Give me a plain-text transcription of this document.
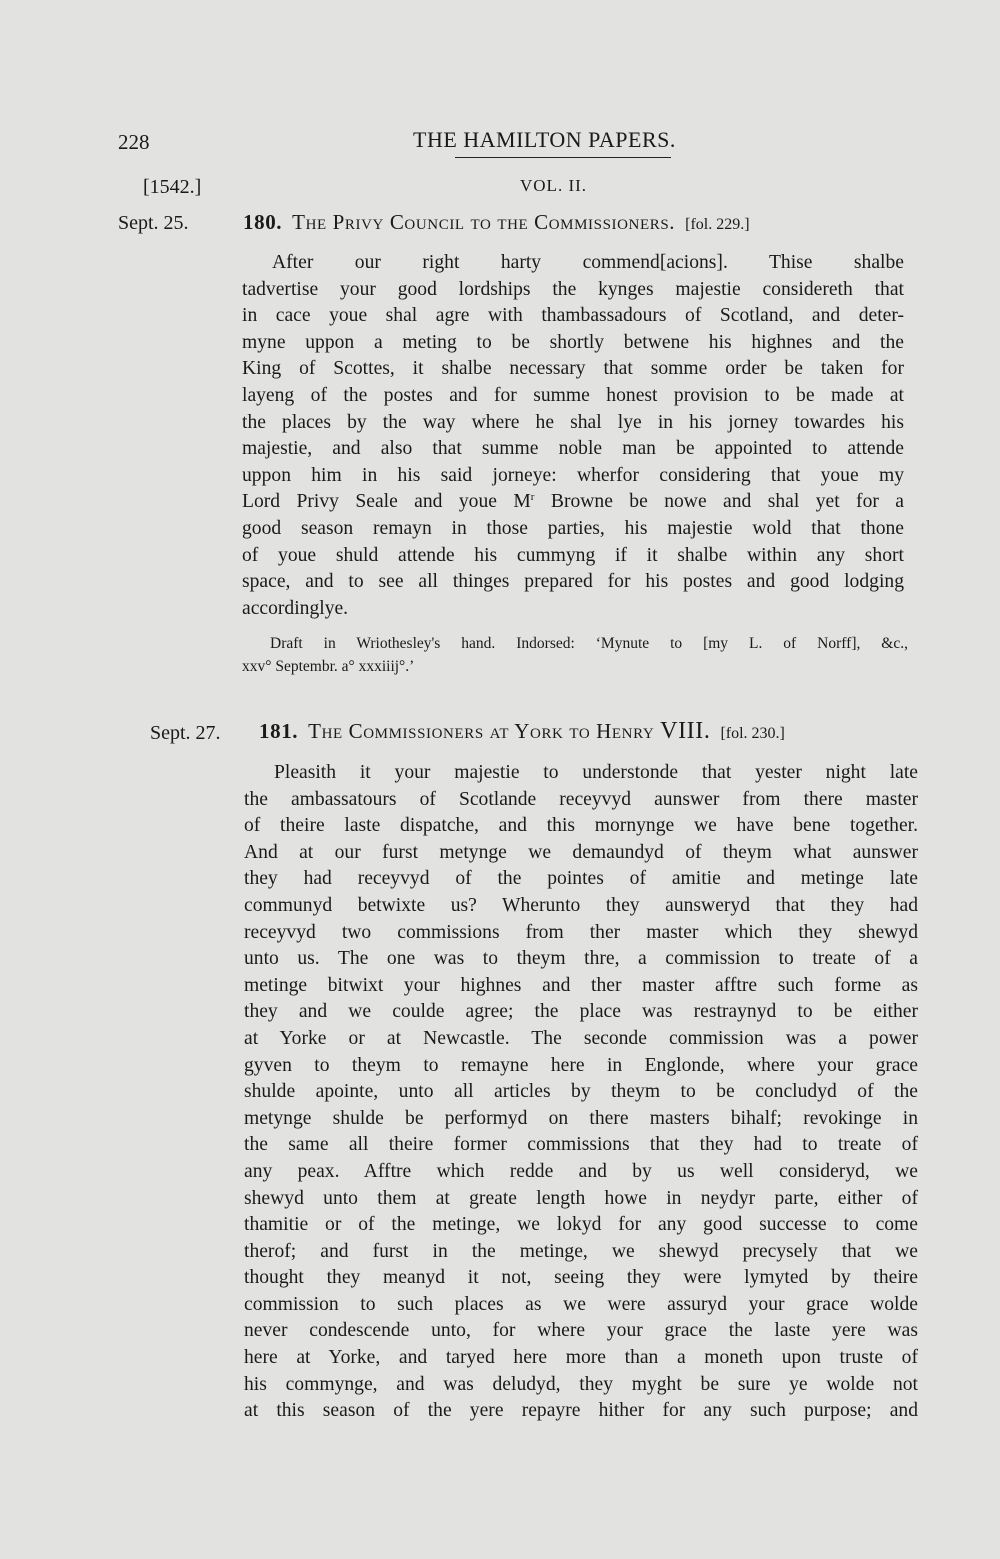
228	THE HAMILTON PAPERS.
[1542.]	VOL. II.
Sept. 25.	180. The Privy Council to the Commissioners. [fol. 229.]
After our right harty commend[acions]. Thise shalbe
tadvertise your good lordships the kynges majestie considereth that
in cace youe shal agre with thambassadours of Scotland, and deter-
myne uppon a meting to be shortly betwene his highnes and the
King of Scottes, it shalbe necessary that somme order be taken for
layeng of the postes and for summe honest provision to be made at
the places by the way where he shal lye in his jorney towardes his
majestie, and also that summe noble man be appointed to attende
uppon him in his said jorneye: wherfor considering that youe my
Lord Privy Seale and youe $M^r$ Browne be nowe and shal yet for a
good season remayn in those parties, his majestie wold that thone
of youe shuld attende his cummyng if it shalbe within any short
space, and to see all thinges prepared for his postes and good lodging
accordinglye.
Draft in Wriothesley's hand. Indorsed: ‘Mynute to [my L. of Norff], &c.,
xxv° Septembr. a° xxxiiij°.’
Sept. 27. 181. The Commissioners at York to Henry VIII. [fol. 230.]
Pleasith it your majestie to understonde that yester night late
the ambassatours of Scotlande receyvyd aunswer from there master
of theire laste dispatche, and this mornynge we have bene together.
And at our furst metynge we demaundyd of theym what aunswer
they had receyvyd of the pointes of amitie and metinge late
communyd betwixte us? Wherunto they aunsweryd that they had
receyvyd two commissions from ther master which they shewyd
unto us. The one was to theym thre, a commission to treate of a
metinge bitwixt your highnes and ther master afftre such forme as
they and we coulde agree; the place was restraynyd to be either
at Yorke or at Newcastle. The seconde commission was a power
gyven to theym to remayne here in Englonde, where your grace
shulde apointe, unto all articles by theym to be concludyd of the
metynge shulde be performyd on there masters bihalf; revokinge in
the same all theire former commissions that they had to treate of
any peax. Afftre which redde and by us well consideryd, we
shewyd unto them at greate length howe in neydyr parte, either of
thamitie or of the metinge, we lokyd for any good successe to come
therof; and furst in the metinge, we shewyd precysely that we
thought they meanyd it not, seeing they were lymyted by theire
commission to such places as we were assuryd your grace wolde
never condescende unto, for where your grace the laste yere was
here at Yorke, and taryed here more than a moneth upon truste of
his commynge, and was deludyd, they myght be sure ye wolde not
at this season of the yere repayre hither for any such purpose; and
